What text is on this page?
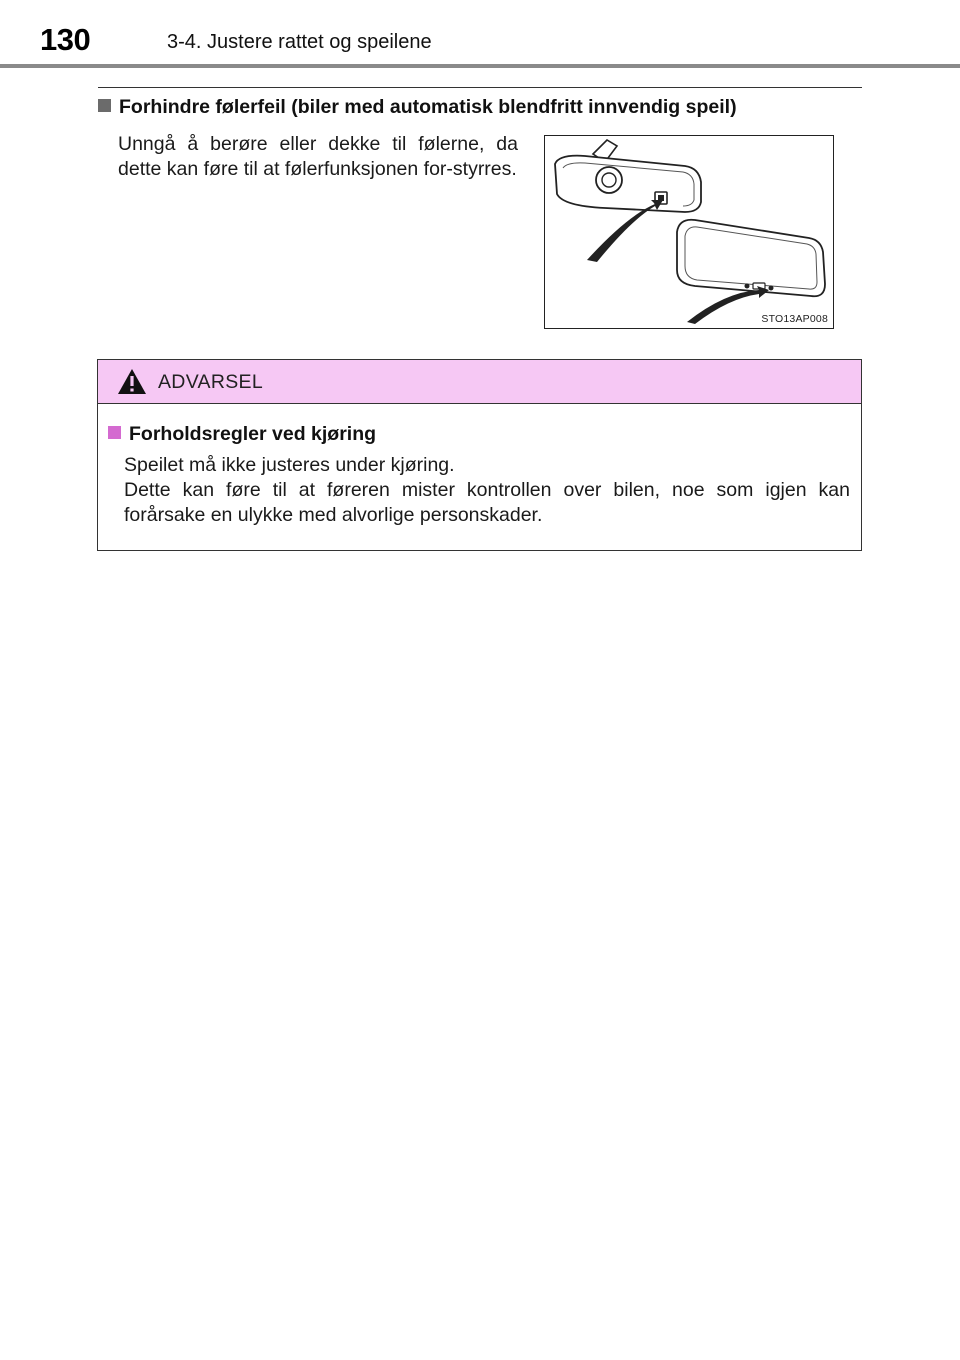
130	3-4. Justere rattet og speilene
Forhindre følerfeil (biler med automatisk blendfritt innvendig speil)
Unngå å berøre eller dekke til følerne, da dette kan føre til at følerfunksjonen for-styrres.
STO13AP008
ADVARSEL
Forholdsregler ved kjøring

Speilet må ikke justeres under kjøring.

Dette kan føre til at føreren mister kontrollen over bilen, noe som igjen kan forårsake en ulykke med alvorlige personskader.
